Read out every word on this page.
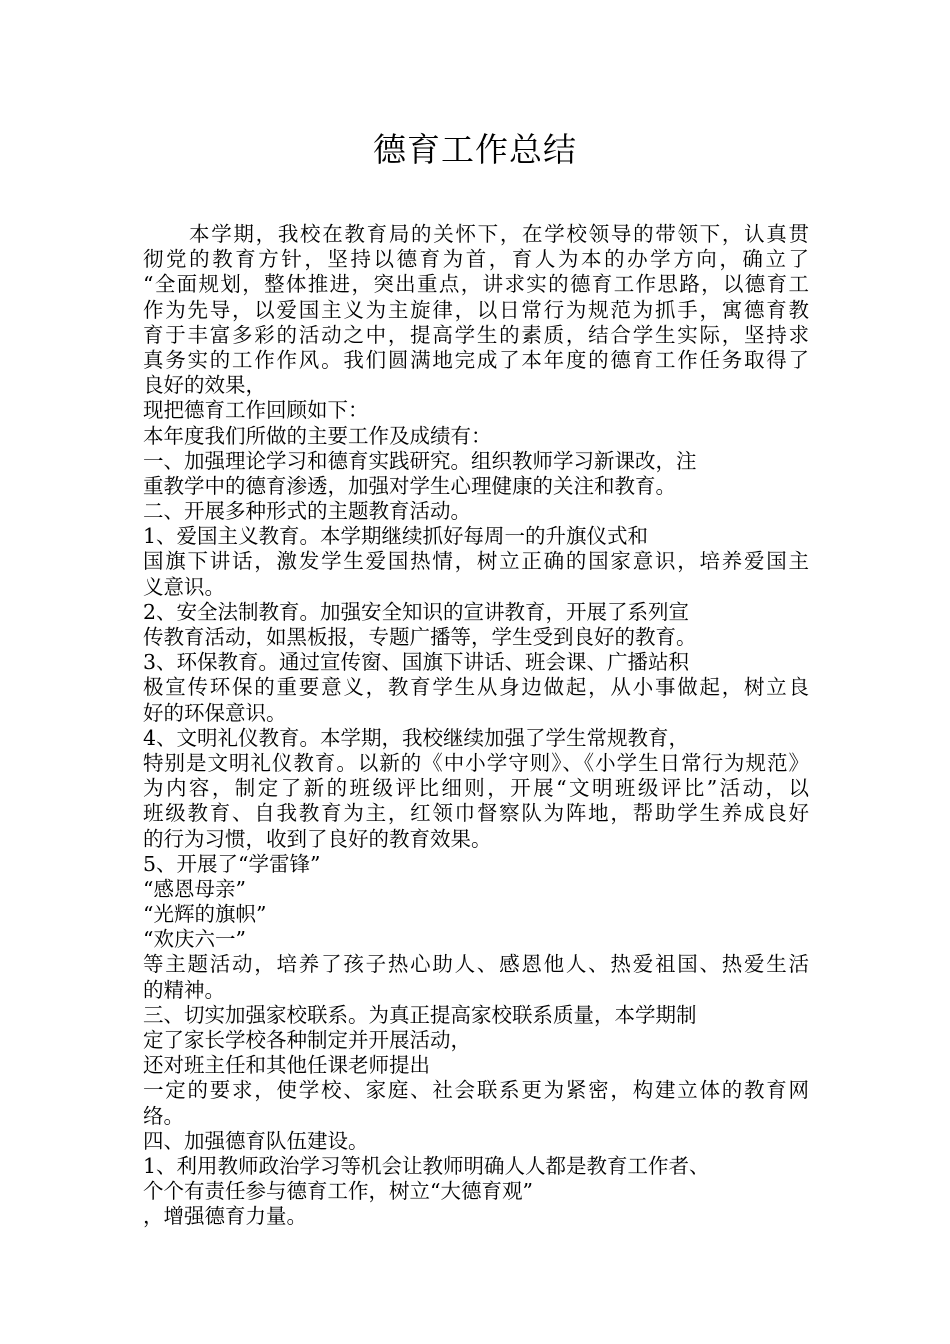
德育工作总结
本学期，我校在教育局的关怀下，在学校领导的带领下，认真贯
彻党的教育方针，坚持以德育为首，育人为本的办学方向，确立了
“全面规划，整体推进，突出重点，讲求实的德育工作思路，以德育工
作为先导，以爱国主义为主旋律，以日常行为规范为抓手，寓德育教
育于丰富多彩的活动之中，提高学生的素质，结合学生实际，坚持求
真务实的工作作风。我们圆满地完成了本年度的德育工作任务取得了
良好的效果，
现把德育工作回顾如下：
本年度我们所做的主要工作及成绩有：
一、加强理论学习和德育实践研究。组织教师学习新课改，注
重教学中的德育渗透，加强对学生心理健康的关注和教育。
二、开展多种形式的主题教育活动。
1、爱国主义教育。本学期继续抓好每周一的升旗仪式和
国旗下讲话，激发学生爱国热情，树立正确的国家意识，培养爱国主
义意识。
2、安全法制教育。加强安全知识的宣讲教育，开展了系列宣
传教育活动，如黑板报，专题广播等，学生受到良好的教育。
3、环保教育。通过宣传窗、国旗下讲话、班会课、广播站积
极宣传环保的重要意义，教育学生从身边做起，从小事做起，树立良
好的环保意识。
4、文明礼仪教育。本学期，我校继续加强了学生常规教育，
特别是文明礼仪教育。以新的《中小学守则》、《小学生日常行为规范》
为内容，制定了新的班级评比细则，开展“文明班级评比”活动，以
班级教育、自我教育为主，红领巾督察队为阵地，帮助学生养成良好
的行为习惯，收到了良好的教育效果。
5、开展了“学雷锋”
“感恩母亲”
“光辉的旗帜”
“欢庆六一”
等主题活动，培养了孩子热心助人、感恩他人、热爱祖国、热爱生活
的精神。
三、切实加强家校联系。为真正提高家校联系质量，本学期制
定了家长学校各种制定并开展活动，
还对班主任和其他任课老师提出
一定的要求，使学校、家庭、社会联系更为紧密，构建立体的教育网
络。
四、加强德育队伍建设。
1、利用教师政治学习等机会让教师明确人人都是教育工作者、
个个有责任参与德育工作，树立“大德育观”
，增强德育力量。
